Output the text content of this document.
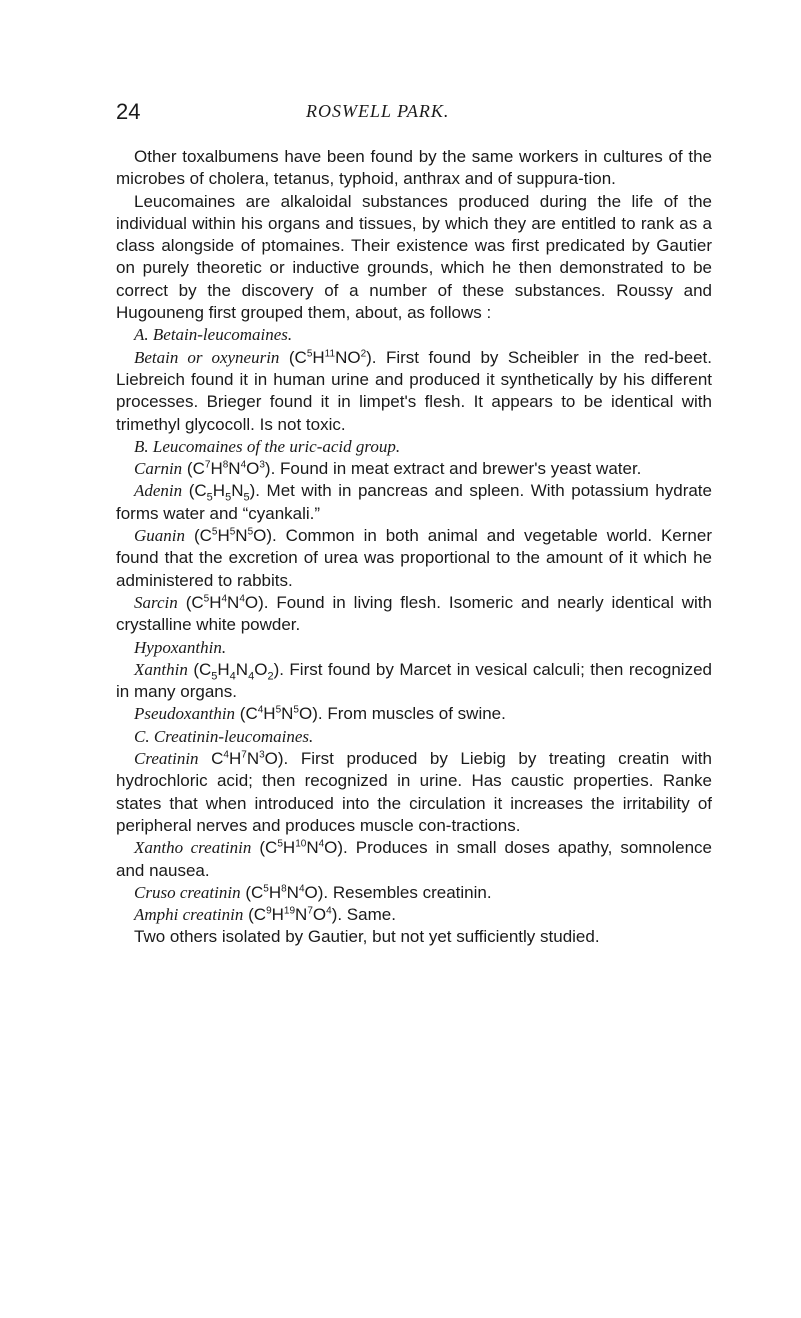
24	ROSWELL PARK.

Other toxalbumens have been found by the same workers in cultures of the microbes of cholera, tetanus, typhoid, anthrax and of suppura-tion.

Leucomaines are alkaloidal substances produced during the life of the individual within his organs and tissues, by which they are entitled to rank as a class alongside of ptomaines. Their existence was first predicated by Gautier on purely theoretic or inductive grounds, which he then demonstrated to be correct by the discovery of a number of these substances. Roussy and Hugouneng first grouped them, about, as follows :

A. Betain-leucomaines.

Betain or oxyneurin $(C^5H^{11}NO^2)$. First found by Scheibler in the red-beet. Liebreich found it in human urine and produced it synthetically by his different processes. Brieger found it in limpet's flesh. It appears to be identical with trimethyl glycocoll. Is not toxic.

B. Leucomaines of the uric-acid group.

Carnin $(C^7H^8N^4O^3)$. Found in meat extract and brewer's yeast water.

Adenin $(C_5H_5N_5)$. Met with in pancreas and spleen. With potassium hydrate forms water and “cyankali.”

Guanin $(C^5H^5N^5O)$. Common in both animal and vegetable world. Kerner found that the excretion of urea was proportional to the amount of it which he administered to rabbits.

Sarcin $(C^5H^4N^4O)$. Found in living flesh. Isomeric and nearly identical with crystalline white powder.

Hypoxanthin.

Xanthin $(C_5H_4N_4O_2)$. First found by Marcet in vesical calculi; then recognized in many organs.

Pseudoxanthin $(C^4H^5N^5O)$. From muscles of swine.

C. Creatinin-leucomaines.

Creatinin $C^4H^7N^3O$). First produced by Liebig by treating creatin with hydrochloric acid; then recognized in urine. Has caustic properties. Ranke states that when introduced into the circulation it increases the irritability of peripheral nerves and produces muscle con-tractions.

Xantho creatinin $(C^5H^{10}N^4O)$. Produces in small doses apathy, somnolence and nausea.

Cruso creatinin $(C^5H^8N^4O)$. Resembles creatinin.

Amphi creatinin $(C^9H^{19}N^7O^4)$. Same.

Two others isolated by Gautier, but not yet sufficiently studied.
